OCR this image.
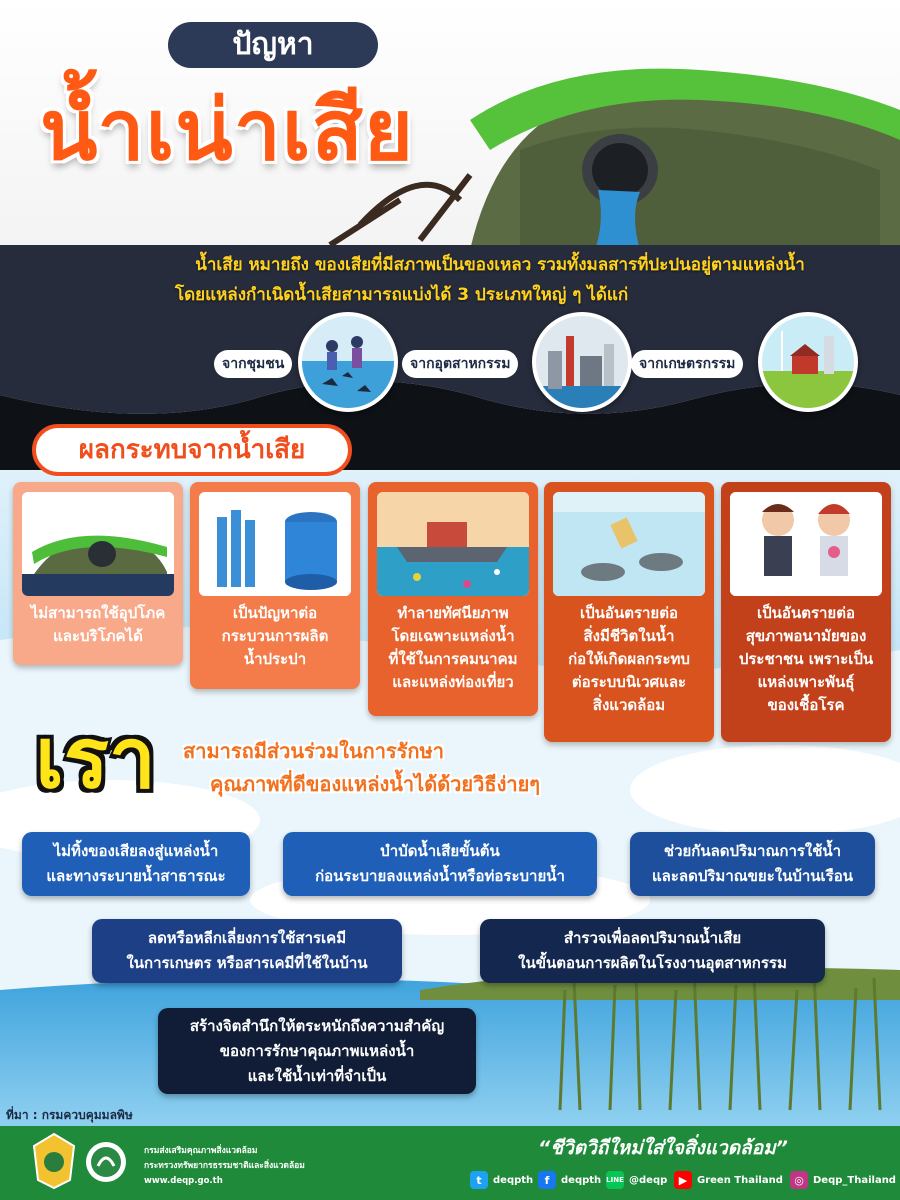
ปัญหา
น้ำเน่าเสีย
น้ำเสีย หมายถึง ของเสียที่มีสภาพเป็นของเหลว รวมทั้งมลสารที่ปะปนอยู่ตามแหล่งน้ำ
โดยแหล่งกำเนิดน้ำเสียสามารถแบ่งได้ 3 ประเภทใหญ่ ๆ ได้แก่
จากชุมชน	จากอุตสาหกรรม	จากเกษตรกรรม
ผลกระทบจากน้ำเสีย
ไม่สามารถใช้อุปโภค
และบริโภคได้
เป็นปัญหาต่อ
กระบวนการผลิต
น้ำประปา
ทำลายทัศนียภาพ
โดยเฉพาะแหล่งน้ำ
ที่ใช้ในการคมนาคม
และแหล่งท่องเที่ยว
เป็นอันตรายต่อ
สิ่งมีชีวิตในน้ำ
ก่อให้เกิดผลกระทบ
ต่อระบบนิเวศและ
สิ่งแวดล้อม
เป็นอันตรายต่อ
สุขภาพอนามัยของ
ประชาชน เพราะเป็น
แหล่งเพาะพันธุ์
ของเชื้อโรค
เรา สามารถมีส่วนร่วมในการรักษา
คุณภาพที่ดีของแหล่งน้ำได้ด้วยวิธีง่ายๆ
ไม่ทิ้งของเสียลงสู่แหล่งน้ำ
และทางระบายน้ำสาธารณะ
บำบัดน้ำเสียขั้นต้น
ก่อนระบายลงแหล่งน้ำหรือท่อระบายน้ำ
ช่วยกันลดปริมาณการใช้น้ำ
และลดปริมาณขยะในบ้านเรือน
ลดหรือหลีกเลี่ยงการใช้สารเคมี
ในการเกษตร หรือสารเคมีที่ใช้ในบ้าน
สำรวจเพื่อลดปริมาณน้ำเสีย
ในขั้นตอนการผลิตในโรงงานอุตสาหกรรม
สร้างจิตสำนึกให้ตระหนักถึงความสำคัญ
ของการรักษาคุณภาพแหล่งน้ำ
และใช้น้ำเท่าที่จำเป็น
ที่มา : กรมควบคุมมลพิษ
กรมส่งเสริมคุณภาพสิ่งแวดล้อม
กระทรวงทรัพยากรธรรมชาติและสิ่งแวดล้อม
www.deqp.go.th
“ชีวิตวิถีใหม่ใส่ใจสิ่งแวดล้อม”
t	deqpth	f	deqpth LINE @deqp	▶ Green Thailand	◎ Deqp_Thailand
